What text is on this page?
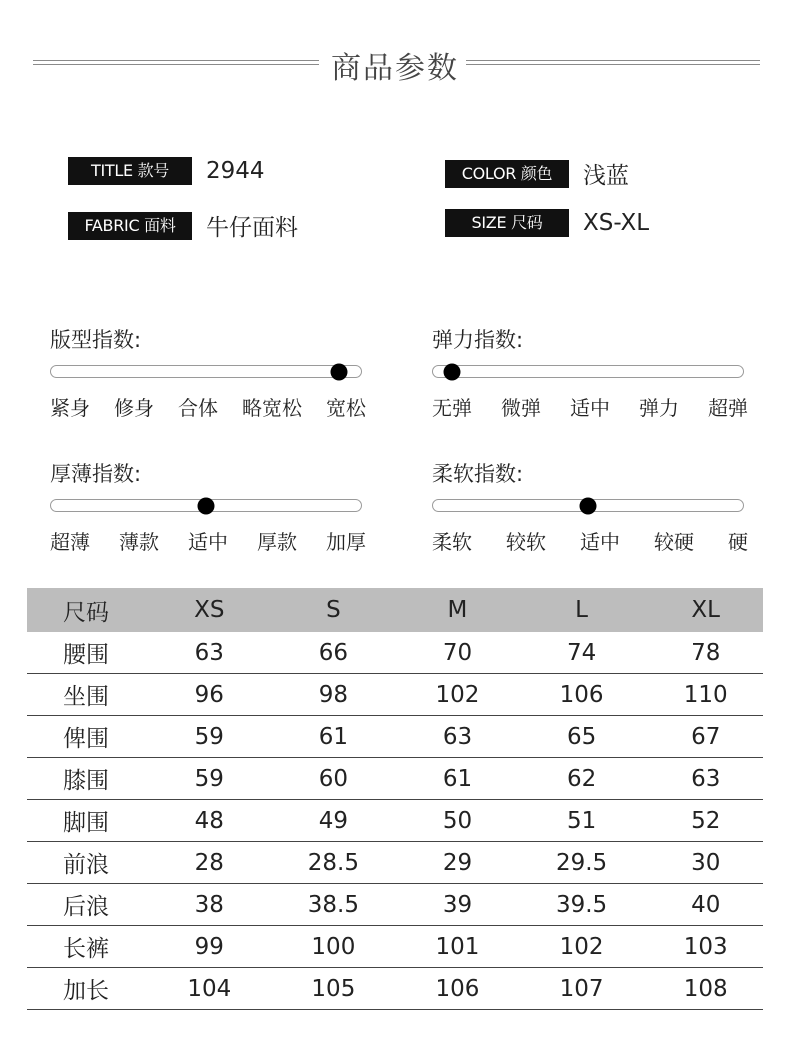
商品参数
TITLE 款号	2944	COLOR 颜色	浅蓝
FABRIC 面料	牛仔面料	SIZE 尺码	XS-XL
版型指数:
紧身 修身 合体 略宽松 宽松
弹力指数:
无弹 微弹 适中 弹力 超弹
厚薄指数:
超薄 薄款 适中 厚款 加厚
柔软指数:
柔软 较软 适中 较硬 硬
尺码	XS	S	M	L	XL
腰围	63	66	70	74	78
坐围	96	98	102	106	110
俾围	59	61	63	65	67
膝围	59	60	61	62	63
脚围	48	49	50	51	52
前浪	28	28.5	29	29.5	30
后浪	38	38.5	39	39.5	40
长裤	99	100	101	102	103
加长	104	105	106	107	108
